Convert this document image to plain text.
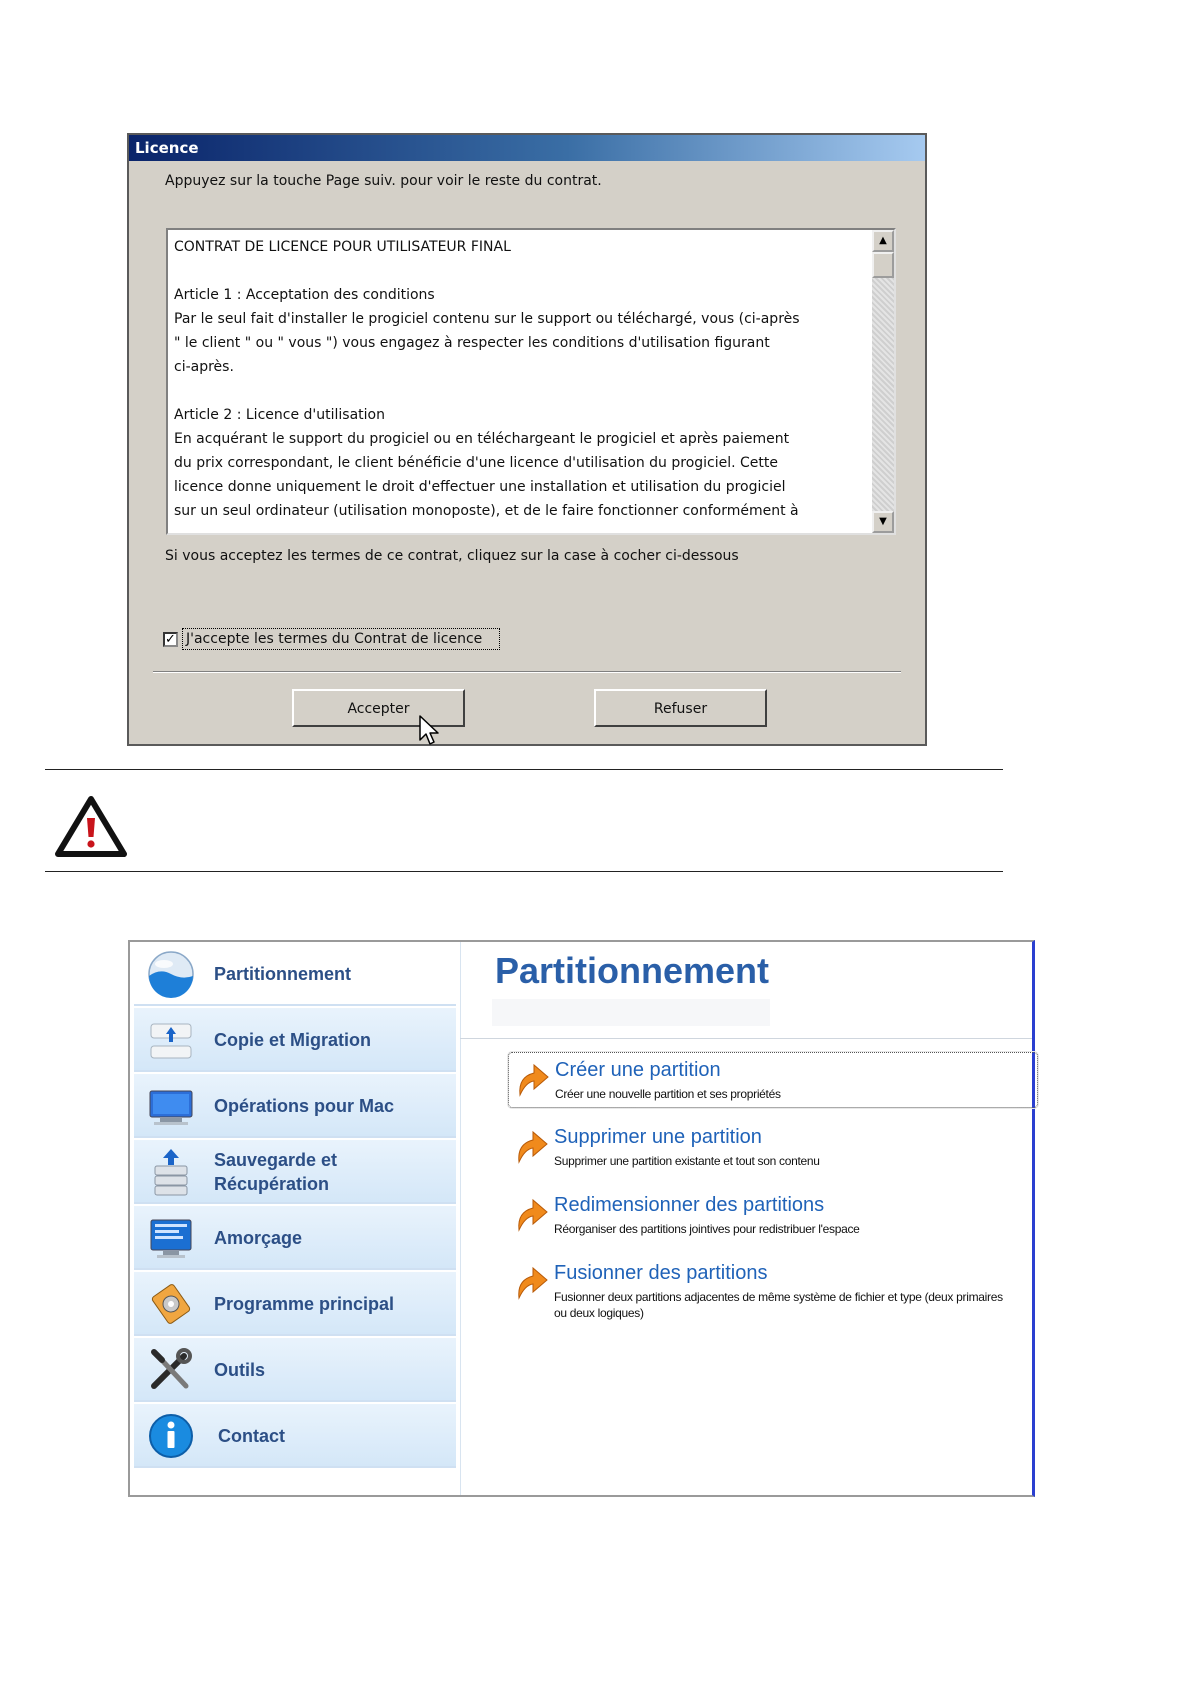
Licence
Appuyez sur la touche Page suiv. pour voir le reste du contrat.

CONTRAT DE LICENCE POUR UTILISATEUR FINAL

Article 1 : Acceptation des conditions

Par le seul fait d'installer le progiciel contenu sur le support ou téléchargé, vous (ci-après

" le client " ou " vous ") vous engagez à respecter les conditions d'utilisation figurant

ci-après.

Article 2 : Licence d'utilisation

En acquérant le support du progiciel ou en téléchargeant le progiciel et après paiement

du prix correspondant, le client bénéficie d'une licence d'utilisation du progiciel. Cette

licence donne uniquement le droit d'effectuer une installation et utilisation du progiciel

sur un seul ordinateur (utilisation monoposte), et de le faire fonctionner conformément à

▲
▼
Si vous acceptez les termes de ce contrat, cliquez sur la case à cocher ci-dessous
✓ J'accepte les termes du Contrat de licence
Accepter	Refuser
Partitionnement
Copie et Migration
Opérations pour Mac
Sauvegarde et
Récupération
Amorçage
Programme principal
Outils
Contact
Partitionnement
Créer une partition
Créer une nouvelle partition et ses propriétés
Supprimer une partition
Supprimer une partition existante et tout son contenu
Redimensionner des partitions
Réorganiser des partitions jointives pour redistribuer l'espace
Fusionner des partitions
Fusionner deux partitions adjacentes de même système de fichier et type (deux primaires ou deux logiques)
